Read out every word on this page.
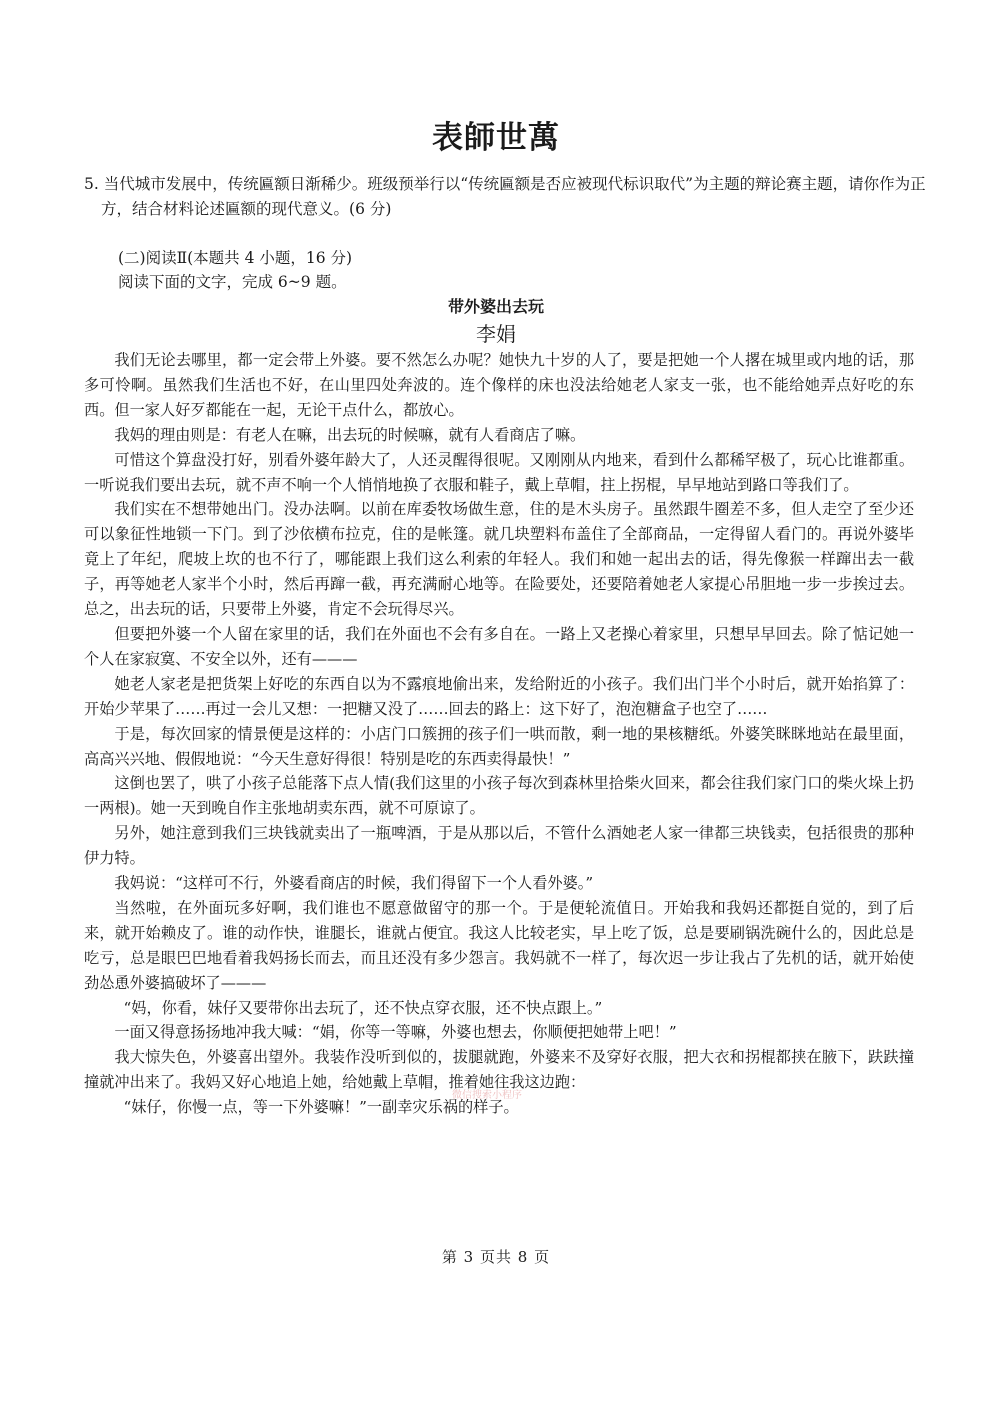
表師世萬
5. 当代城市发展中，传统匾额日渐稀少。班级预举行以“传统匾额是否应被现代标识取代”为主题的辩论赛主题，请你作为正方，结合材料论述匾额的现代意义。(6 分)
(二)阅读Ⅱ(本题共 4 小题，16 分)
阅读下面的文字，完成 6~9 题。
带外婆出去玩
李娟

我们无论去哪里，都一定会带上外婆。要不然怎么办呢？她快九十岁的人了，要是把她一个人撂在城里或内地的话，那多可怜啊。虽然我们生活也不好，在山里四处奔波的。连个像样的床也没法给她老人家支一张，也不能给她弄点好吃的东西。但一家人好歹都能在一起，无论干点什么，都放心。

我妈的理由则是：有老人在嘛，出去玩的时候嘛，就有人看商店了嘛。

可惜这个算盘没打好，别看外婆年龄大了，人还灵醒得很呢。又刚刚从内地来，看到什么都稀罕极了，玩心比谁都重。一听说我们要出去玩，就不声不响一个人悄悄地换了衣服和鞋子，戴上草帽，拄上拐棍，早早地站到路口等我们了。

我们实在不想带她出门。没办法啊。以前在库委牧场做生意，住的是木头房子。虽然跟牛圈差不多，但人走空了至少还可以象征性地锁一下门。到了沙依横布拉克，住的是帐篷。就几块塑料布盖住了全部商品，一定得留人看门的。再说外婆毕竟上了年纪，爬坡上坎的也不行了，哪能跟上我们这么利索的年轻人。我们和她一起出去的话，得先像猴一样蹿出去一截子，再等她老人家半个小时，然后再蹿一截，再充满耐心地等。在险要处，还要陪着她老人家提心吊胆地一步一步挨过去。总之，出去玩的话，只要带上外婆，肯定不会玩得尽兴。

但要把外婆一个人留在家里的话，我们在外面也不会有多自在。一路上又老操心着家里，只想早早回去。除了惦记她一个人在家寂寞、不安全以外，还有———

她老人家老是把货架上好吃的东西自以为不露痕地偷出来，发给附近的小孩子。我们出门半个小时后，就开始掐算了：开始少苹果了……再过一会儿又想：一把糖又没了……回去的路上：这下好了，泡泡糖盒子也空了……

于是，每次回家的情景便是这样的：小店门口簇拥的孩子们一哄而散，剩一地的果核糖纸。外婆笑眯眯地站在最里面，高高兴兴地、假假地说：“今天生意好得很！特别是吃的东西卖得最快！”

这倒也罢了，哄了小孩子总能落下点人情(我们这里的小孩子每次到森林里拾柴火回来，都会往我们家门口的柴火垛上扔一两根)。她一天到晚自作主张地胡卖东西，就不可原谅了。

另外，她注意到我们三块钱就卖出了一瓶啤酒，于是从那以后，不管什么酒她老人家一律都三块钱卖，包括很贵的那种伊力特。

我妈说：“这样可不行，外婆看商店的时候，我们得留下一个人看外婆。”

当然啦，在外面玩多好啊，我们谁也不愿意做留守的那一个。于是便轮流值日。开始我和我妈还都挺自觉的，到了后来，就开始赖皮了。谁的动作快，谁腿长，谁就占便宜。我这人比较老实，早上吃了饭，总是要刷锅洗碗什么的，因此总是吃亏，总是眼巴巴地看着我妈扬长而去，而且还没有多少怨言。我妈就不一样了，每次迟一步让我占了先机的话，就开始使劲怂恿外婆搞破坏了———

“妈，你看，妹仔又要带你出去玩了，还不快点穿衣服，还不快点跟上。”

一面又得意扬扬地冲我大喊：“娟，你等一等嘛，外婆也想去，你顺便把她带上吧！”

我大惊失色，外婆喜出望外。我装作没听到似的，拔腿就跑，外婆来不及穿好衣服，把大衣和拐棍都挟在腋下，趺趺撞撞就冲出来了。我妈又好心地追上她，给她戴上草帽，推着她往我这边跑：

“妹仔，你慢一点，等一下外婆嘛！”一副幸灾乐祸的样子。

微信搜索小程序
第 3 页共 8 页
